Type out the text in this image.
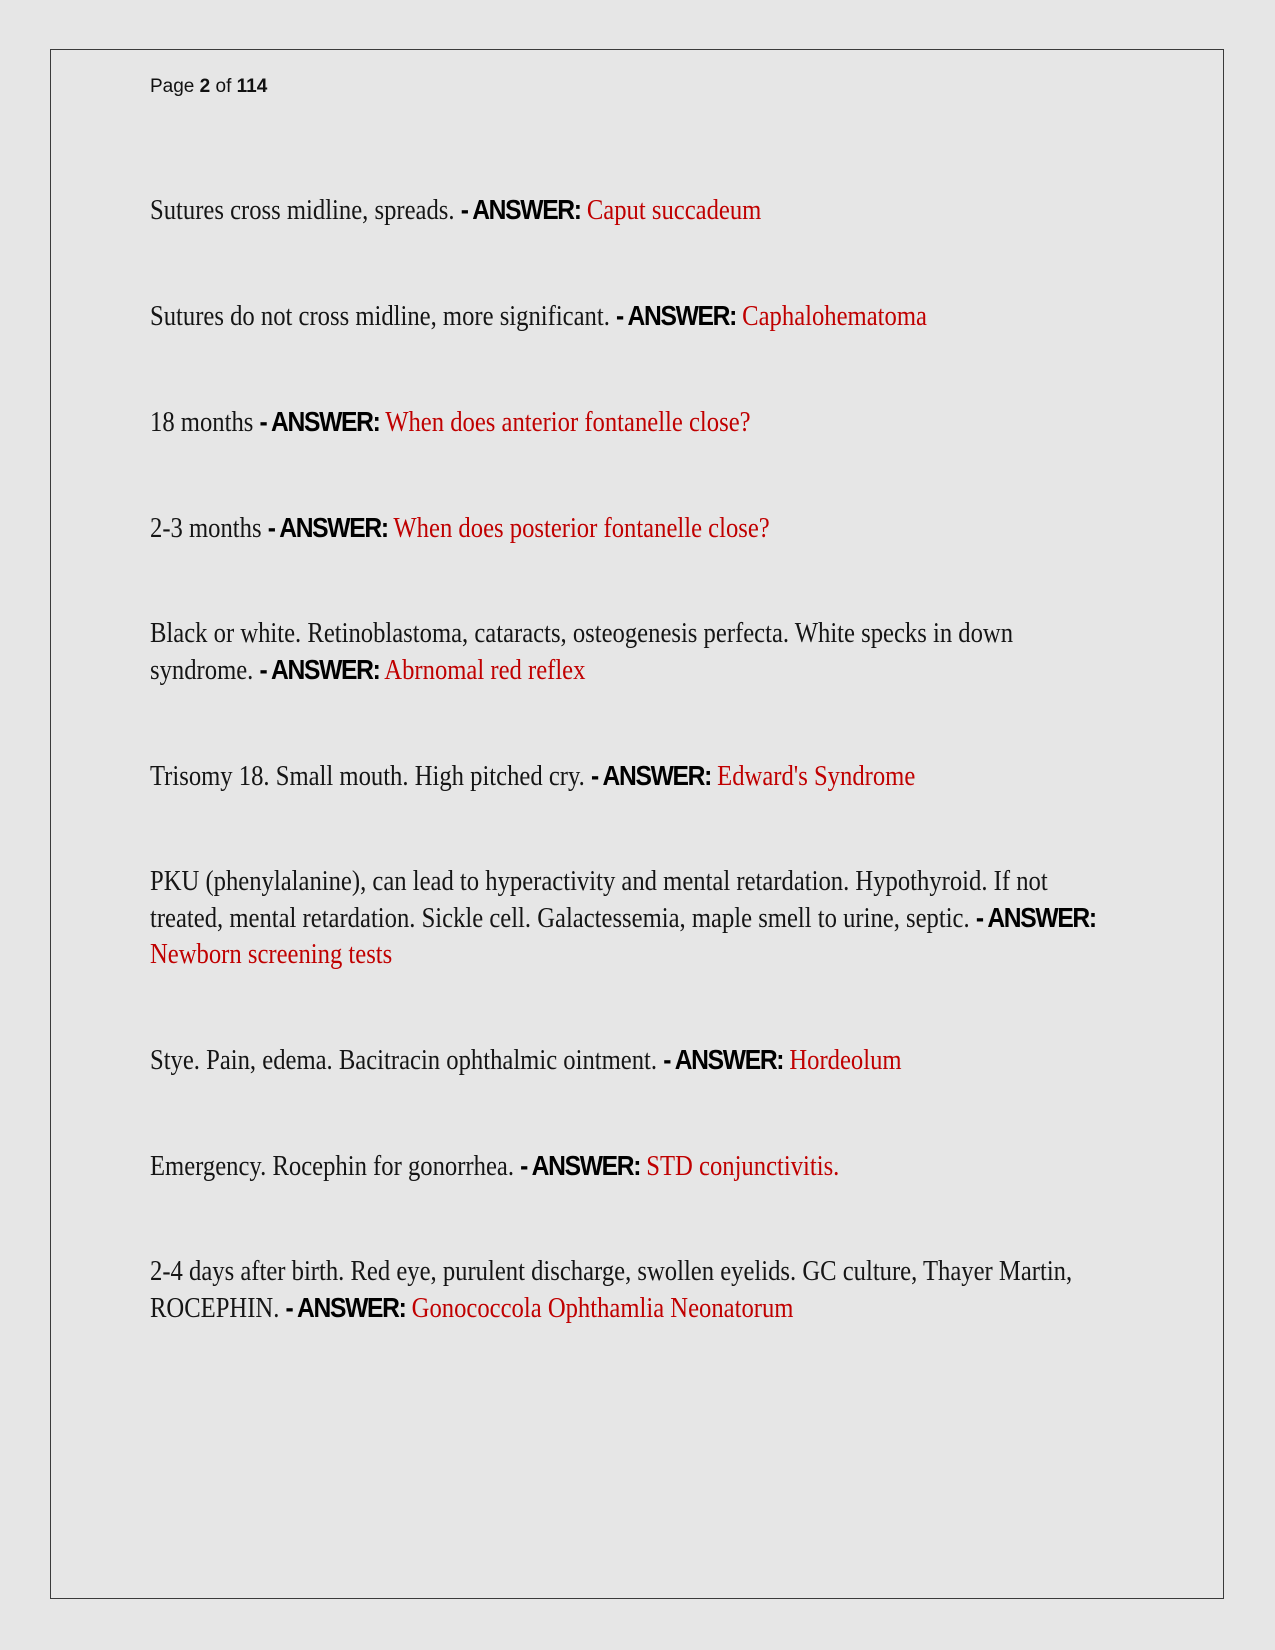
Page 2 of 114
Sutures cross midline, spreads. - ANSWER: Caput succadeum
Sutures do not cross midline, more significant. - ANSWER: Caphalohematoma
18 months - ANSWER: When does anterior fontanelle close?
2-3 months - ANSWER: When does posterior fontanelle close?
Black or white. Retinoblastoma, cataracts, osteogenesis perfecta. White specks in down syndrome. - ANSWER: Abrnomal red reflex
Trisomy 18. Small mouth. High pitched cry. - ANSWER: Edward's Syndrome
PKU (phenylalanine), can lead to hyperactivity and mental retardation. Hypothyroid. If not treated, mental retardation. Sickle cell. Galactessemia, maple smell to urine, septic. - ANSWER: Newborn screening tests
Stye. Pain, edema. Bacitracin ophthalmic ointment. - ANSWER: Hordeolum
Emergency. Rocephin for gonorrhea. - ANSWER: STD conjunctivitis.
2-4 days after birth. Red eye, purulent discharge, swollen eyelids. GC culture, Thayer Martin, ROCEPHIN. - ANSWER: Gonococcola Ophthamlia Neonatorum
